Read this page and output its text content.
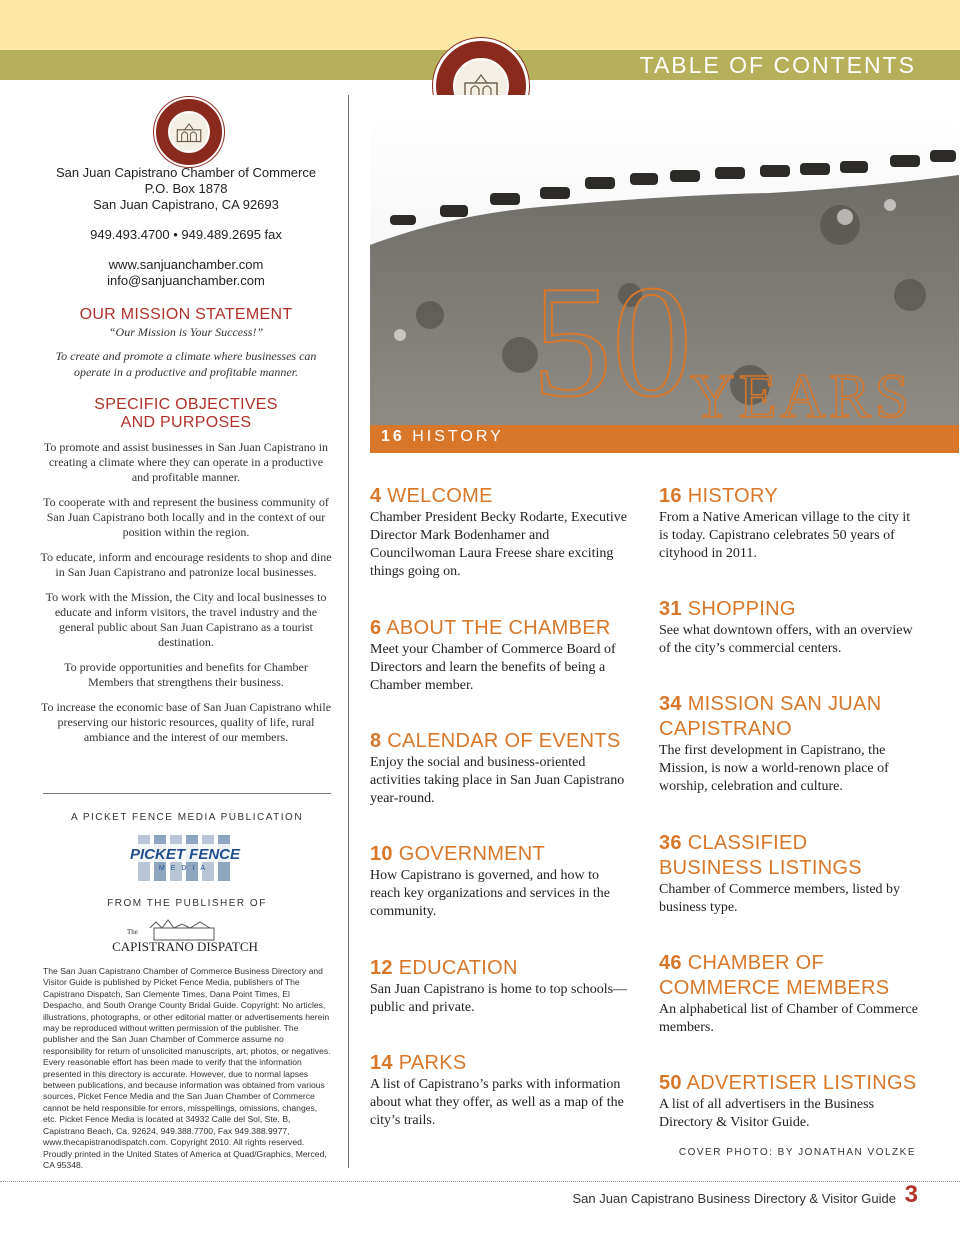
TABLE OF CONTENTS

San Juan Capistrano Chamber of Commerce

P.O. Box 1878

San Juan Capistrano, CA 92693

949.493.4700 • 949.489.2695 fax

www.sanjuanchamber.com

info@sanjuanchamber.com

OUR MISSION STATEMENT

“Our Mission is Your Success!”

To create and promote a climate where businesses can operate in a productive and profitable manner.

SPECIFIC OBJECTIVES

AND PURPOSES

To promote and assist businesses in San Juan Capistrano in creating a climate where they can operate in a productive and profitable manner.

To cooperate with and represent the business community of San Juan Capistrano both locally and in the context of our position within the region.

To educate, inform and encourage residents to shop and dine in San Juan Capistrano and patronize local businesses.

To work with the Mission, the City and local businesses to educate and inform visitors, the travel industry and the general public about San Juan Capistrano as a tourist destination.

To provide opportunities and benefits for Chamber Members that strengthens their business.

To increase the economic base of San Juan Capistrano while preserving our historic resources, quality of life, rural ambiance and the interest of our members.

A PICKET FENCE MEDIA PUBLICATION
PICKET FENCE
MEDIA
FROM THE PUBLISHER OF
The
CAPISTRANO DISPATCH
The San Juan Capistrano Chamber of Commerce Business Directory and Visitor Guide is published by Picket Fence Media, publishers of The Capistrano Dispatch, San Clemente Times, Dana Point Times, El Despacho, and South Orange County Bridal Guide. Copyright: No articles, illustrations, photographs, or other editorial matter or advertisements herein may be reproduced without written permission of the publisher. The publisher and the San Juan Chamber of Commerce assume no responsibility for return of unsolicited manuscripts, art, photos, or negatives. Every reasonable effort has been made to verify that the information presented in this directory is accurate. However, due to normal lapses between publications, and because information was obtained from various sources, Picket Fence Media and the San Juan Chamber of Commerce cannot be held responsible for errors, misspellings, omissions, changes, etc. Picket Fence Media is located at 34932 Calle del Sol, Ste. B, Capistrano Beach, Ca. 92624, 949.388.7700, Fax 949.388.9977, www.thecapistranodispatch.com. Copyright 2010. All rights reserved. Proudly printed in the United States of America at Quad/Graphics, Merced, CA 95348.
50
YEARS
16 HISTORY

4 WELCOME

Chamber President Becky Rodarte, Executive Director Mark Bodenhamer and Councilwoman Laura Freese share exciting things going on.

6 ABOUT THE CHAMBER

Meet your Chamber of Commerce Board of Directors and learn the benefits of being a Chamber member.

8 CALENDAR OF EVENTS

Enjoy the social and business-oriented activities taking place in San Juan Capistrano year-round.

10 GOVERNMENT

How Capistrano is governed, and how to reach key organizations and services in the community.

12 EDUCATION

San Juan Capistrano is home to top schools—public and private.

14 PARKS

A list of Capistrano’s parks with information about what they offer, as well as a map of the city’s trails.

16 HISTORY

From a Native American village to the city it is today. Capistrano celebrates 50 years of cityhood in 2011.

31 SHOPPING

See what downtown offers, with an overview of the city’s commercial centers.

34 MISSION SAN JUAN

CAPISTRANO

The first development in Capistrano, the Mission, is now a world-renown place of worship, celebration and culture.

36 CLASSIFIED

BUSINESS LISTINGS

Chamber of Commerce members, listed by business type.

46 CHAMBER OF

COMMERCE MEMBERS

An alphabetical list of Chamber of Commerce members.

50 ADVERTISER LISTINGS

A list of all advertisers in the Business Directory & Visitor Guide.

COVER PHOTO: BY JONATHAN VOLZKE
San Juan Capistrano Business Directory & Visitor Guide 3
